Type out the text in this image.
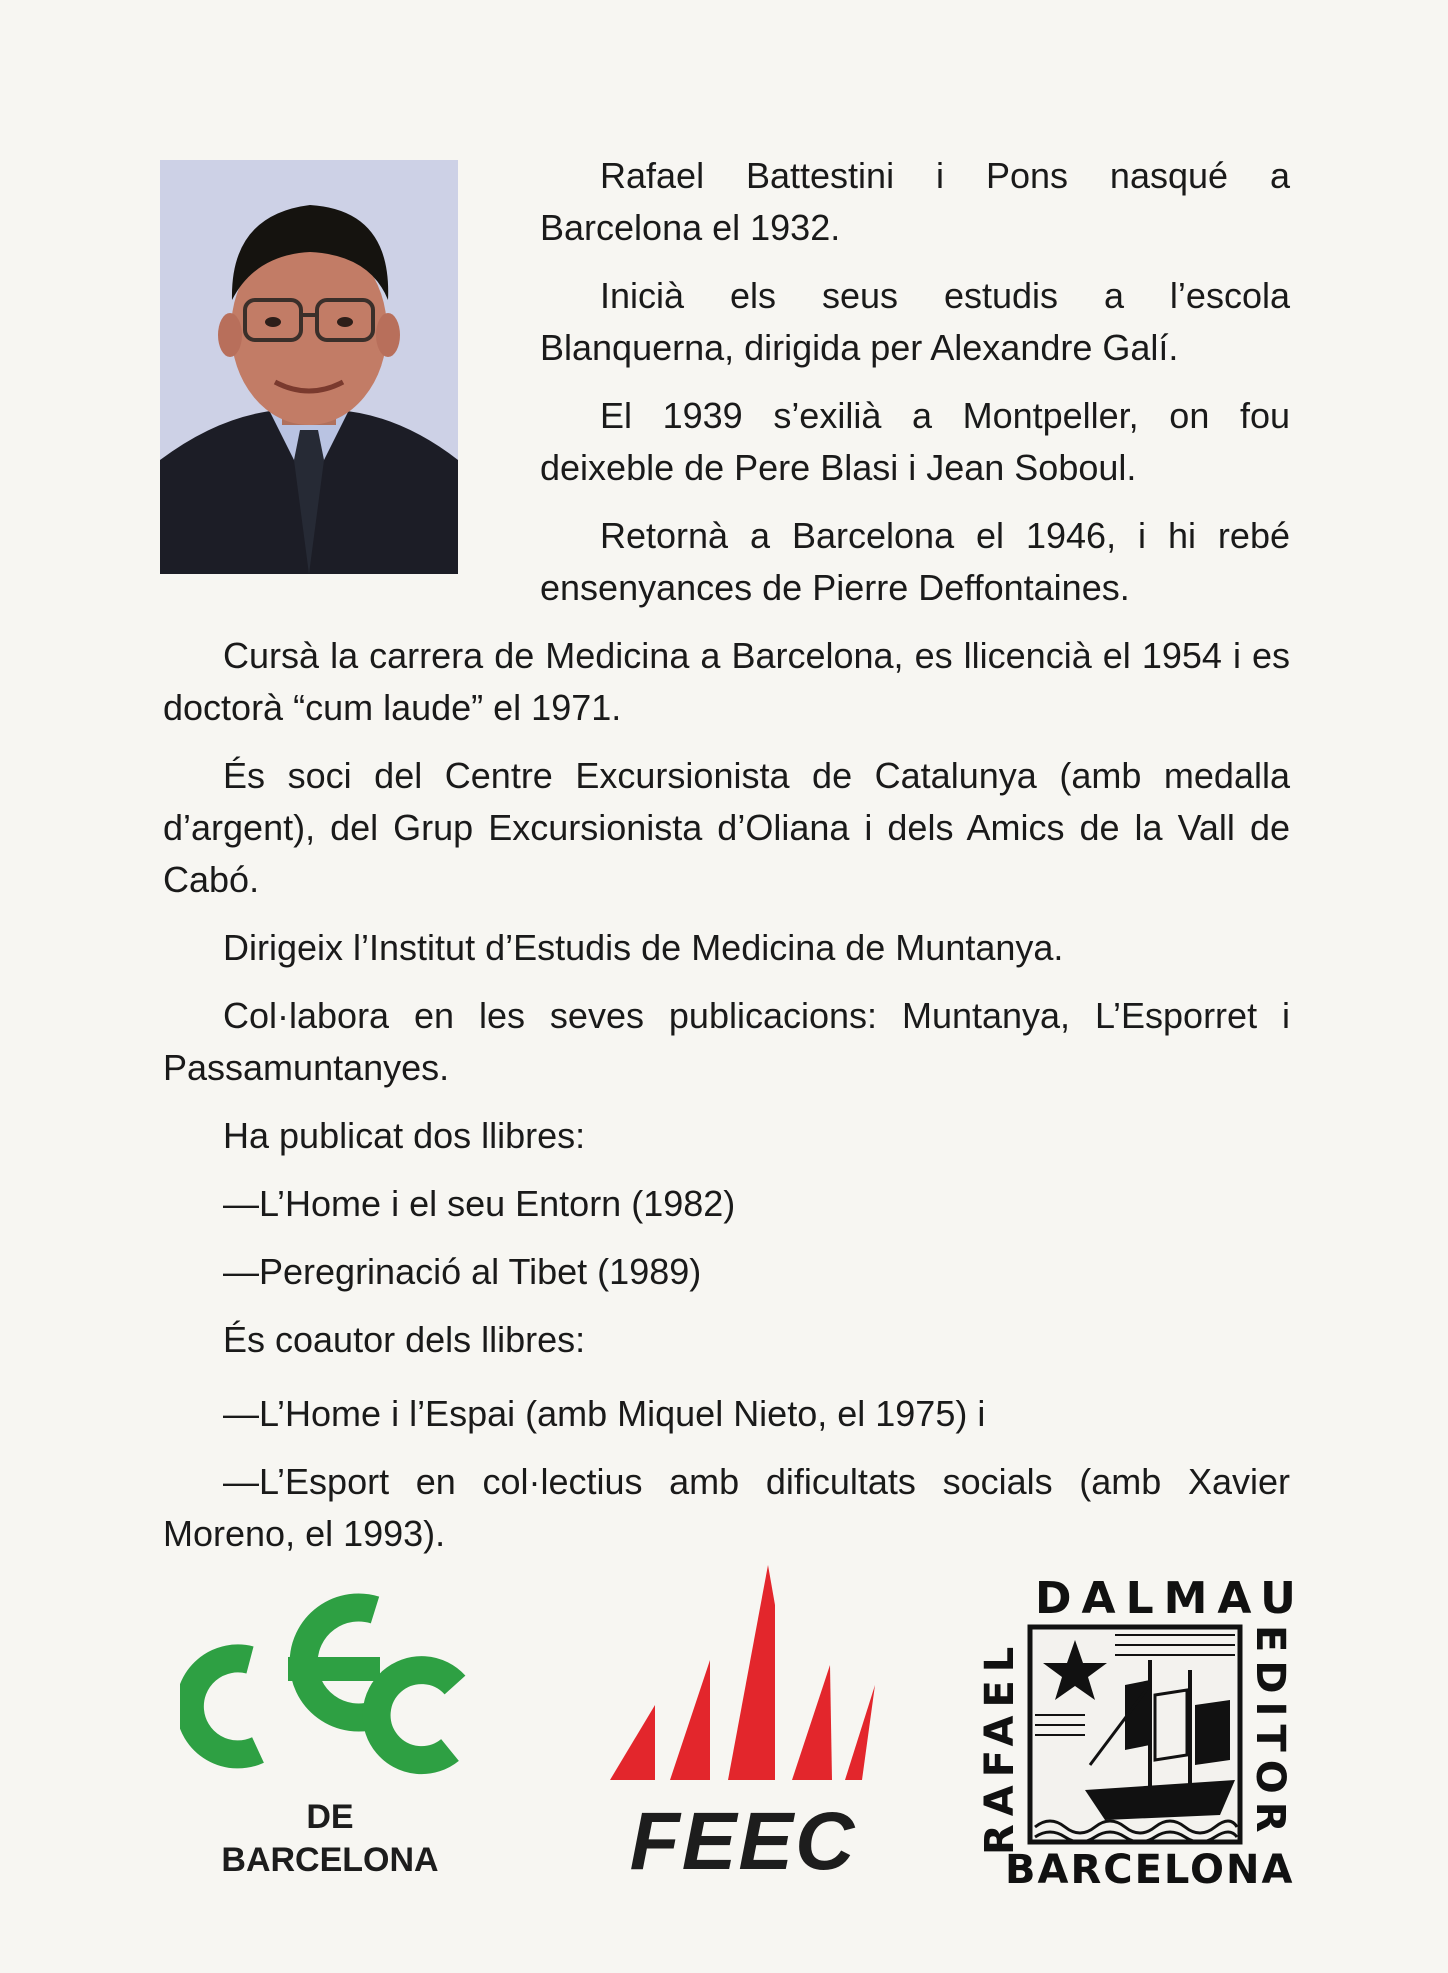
Rafael Battestini i Pons nasqué a Barcelona el 1932.

Inicià els seus estudis a l’escola Blanquerna, dirigida per Alexandre Galí.

El 1939 s’exilià a Montpeller, on fou deixeble de Pere Blasi i Jean Soboul.

Retornà a Barcelona el 1946, i hi rebé ensenyances de Pierre Deffontaines.

Cursà la carrera de Medicina a Barcelona, es llicencià el 1954 i es doctorà “cum laude” el 1971.

És soci del Centre Excursionista de Catalunya (amb medalla d’argent), del Grup Excursionista d’Oliana i dels Amics de la Vall de Cabó.

Dirigeix l’Institut d’Estudis de Medicina de Muntanya.

Col·labora en les seves publicacions: Muntanya, L’Esporret i Passamuntanyes.

Ha publicat dos llibres:

—L’Home i el seu Entorn (1982)

—Peregrinació al Tibet (1989)

És coautor dels llibres:

—L’Home i l’Espai (amb Miquel Nieto, el 1975) i

—L’Esport en col·lectius amb dificultats socials (amb Xavier Moreno, el 1993).

DE
BARCELONA	FEEC
DALMAU
BARCELONA
RAFAEL	EDITOR
